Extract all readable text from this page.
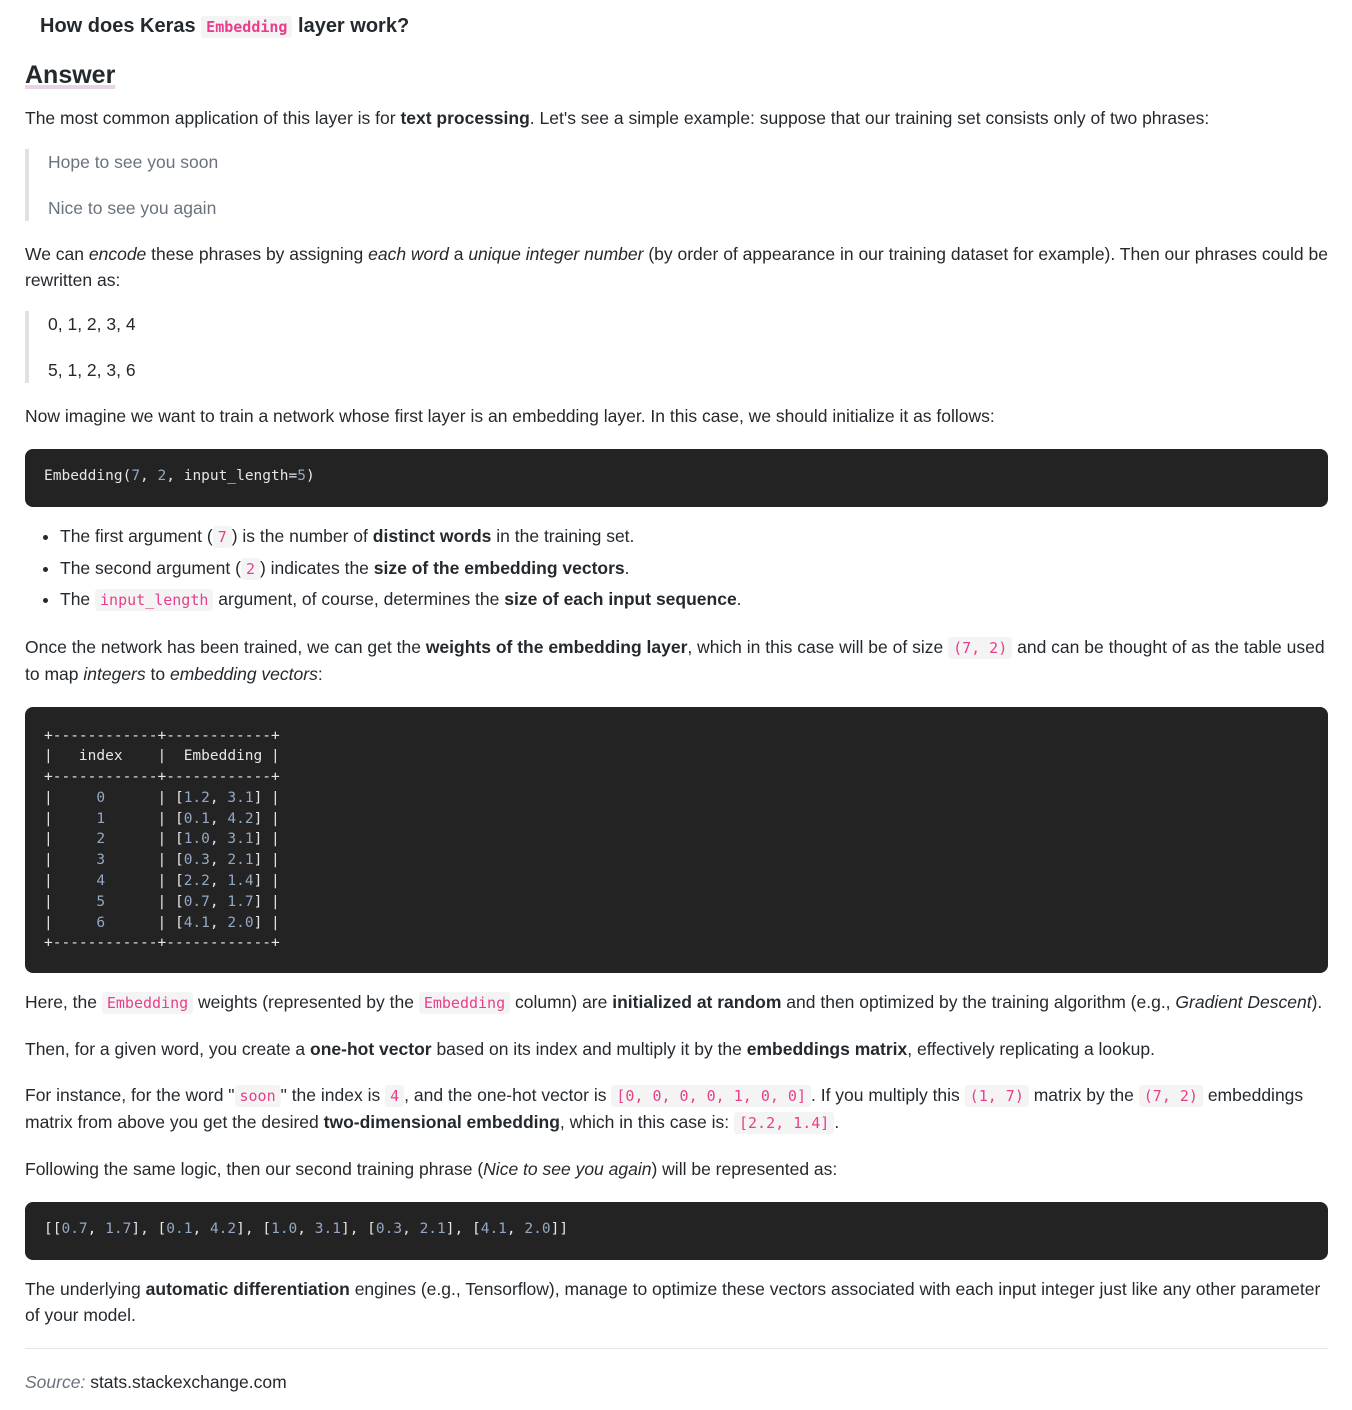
How does Keras Embedding layer work?
Answer

The most common application of this layer is for text processing. Let's see a simple example: suppose that our training set consists only of two phrases:

Hope to see you soon

Nice to see you again

We can encode these phrases by assigning each word a unique integer number (by order of appearance in our training dataset for example). Then our phrases could be rewritten as:

0, 1, 2, 3, 4

5, 1, 2, 3, 6

Now imagine we want to train a network whose first layer is an embedding layer. In this case, we should initialize it as follows:

Embedding(7, 2, input_length=5)
• The first argument ( 7 ) is the number of distinct words in the training set.
• The second argument ( 2 ) indicates the size of the embedding vectors.
• The input_length argument, of course, determines the size of each input sequence.

Once the network has been trained, we can get the weights of the embedding layer, which in this case will be of size (7, 2) and can be thought of as the table used to map integers to embedding vectors:

+------------+------------+
|   index    |  Embedding |
+------------+------------+
|     0      | [1.2, 3.1] |
|     1      | [0.1, 4.2] |
|     2      | [1.0, 3.1] |
|     3      | [0.3, 2.1] |
|     4      | [2.2, 1.4] |
|     5      | [0.7, 1.7] |
|     6      | [4.1, 2.0] |
+------------+------------+

Here, the Embedding weights (represented by the Embedding column) are initialized at random and then optimized by the training algorithm (e.g., Gradient Descent).

Then, for a given word, you create a one-hot vector based on its index and multiply it by the embeddings matrix, effectively replicating a lookup.

For instance, for the word " soon " the index is 4 , and the one-hot vector is [0, 0, 0, 0, 1, 0, 0] . If you multiply this (1, 7) matrix by the (7, 2) embeddings matrix from above you get the desired two-dimensional embedding, which in this case is: [2.2, 1.4] .

Following the same logic, then our second training phrase (Nice to see you again) will be represented as:

[[0.7, 1.7], [0.1, 4.2], [1.0, 3.1], [0.3, 2.1], [4.1, 2.0]]

The underlying automatic differentiation engines (e.g., Tensorflow), manage to optimize these vectors associated with each input integer just like any other parameter of your model.

Source: stats.stackexchange.com
